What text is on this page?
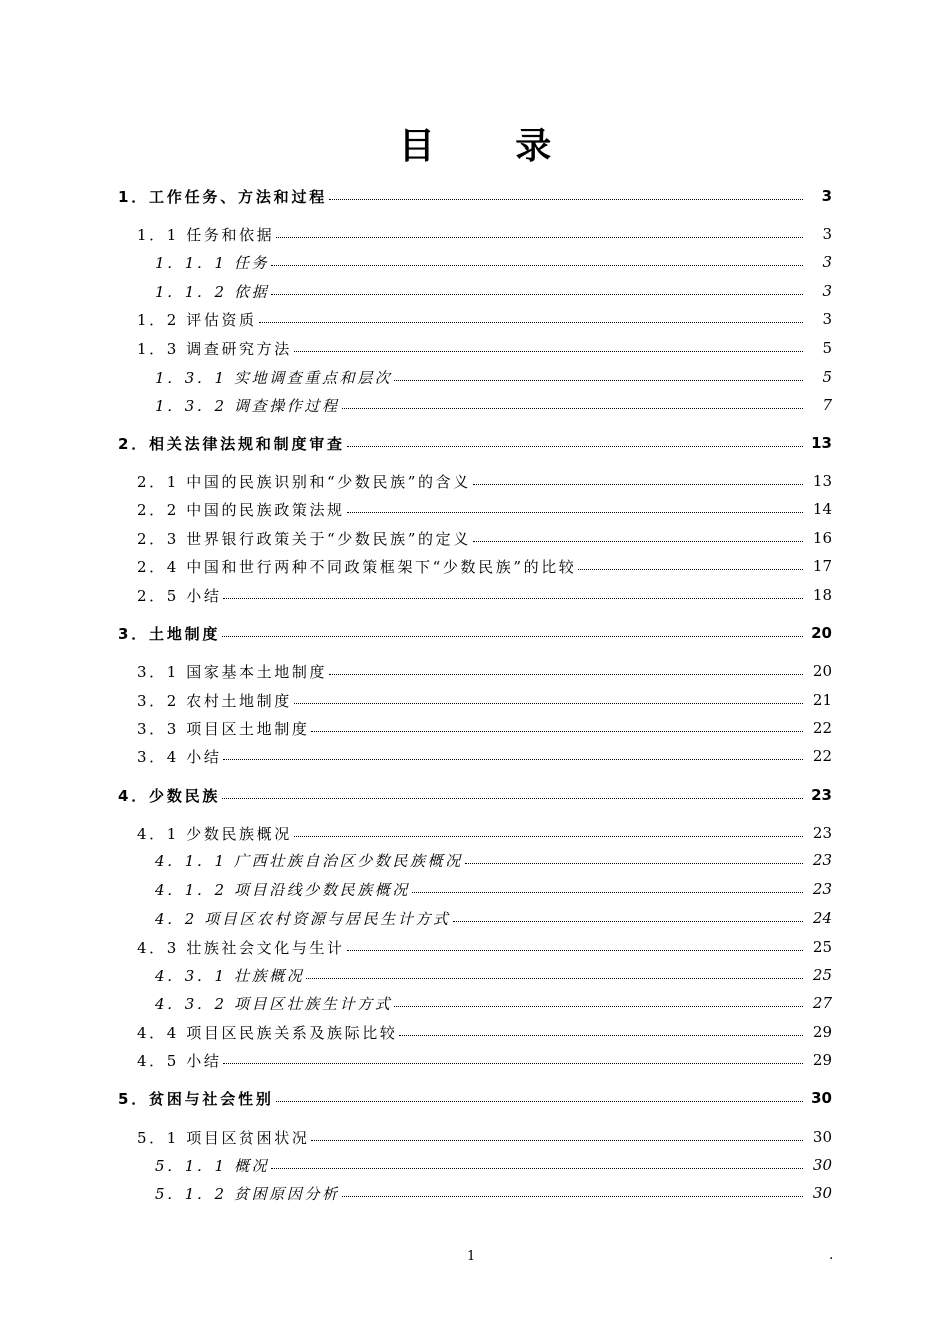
目 录
1．工作任务、方法和过程	3
1．1 任务和依据	3
1．1．1 任务	3
1．1．2 依据	3
1．2 评估资质	3
1．3 调查研究方法	5
1．3．1 实地调查重点和层次	5
1．3．2 调查操作过程	7
2．相关法律法规和制度审查	13
2．1 中国的民族识别和“少数民族”的含义	13
2．2 中国的民族政策法规	14
2．3 世界银行政策关于“少数民族”的定义	16
2．4 中国和世行两种不同政策框架下“少数民族”的比较	17
2．5 小结	18
3．土地制度	20
3．1 国家基本土地制度	20
3．2 农村土地制度	21
3．3 项目区土地制度	22
3．4 小结	22
4．少数民族	23
4．1 少数民族概况	23
4．1．1 广西壮族自治区少数民族概况	23
4．1．2 项目沿线少数民族概况	23
4．2 项目区农村资源与居民生计方式	24
4．3 壮族社会文化与生计	25
4．3．1 壮族概况	25
4．3．2 项目区壮族生计方式	27
4．4 项目区民族关系及族际比较	29
4．5 小结	29
5．贫困与社会性别	30
5．1 项目区贫困状况	30
5．1．1 概况	30
5．1．2 贫困原因分析	30
1	.
